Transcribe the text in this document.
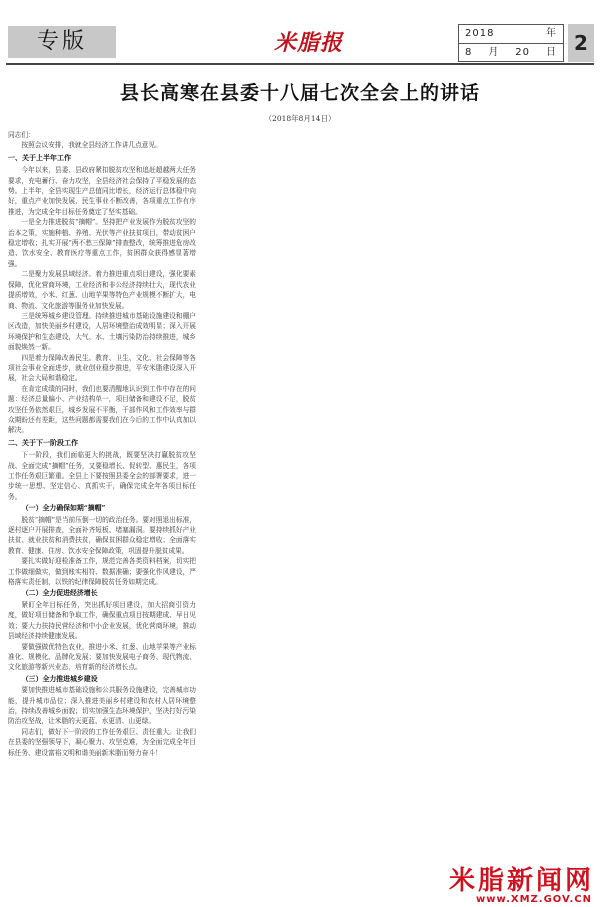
专版	米脂报	2018	年
8 月 20 日 2
县长高寒在县委十八届七次全会上的讲话
（2018年8月14日）

同志们：

按照会议安排，我就全县经济工作讲几点意见。

一、关于上半年工作

今年以来，县委、县政府紧扣脱贫攻坚和追赶超越两大任务要求，充电蓄行、奋力攻坚，全县经济社会保持了平稳发展的态势。上半年，全县实现生产总值同比增长，经济运行总体稳中向好，重点产业加快发展，民生事业不断改善，各项重点工作有序推进，为完成全年目标任务奠定了坚实基础。

一是全力推进脱贫“摘帽”。坚持把产业发展作为脱贫攻坚的治本之策，实施种植、养殖、光伏等产业扶贫项目，带动贫困户稳定增收；扎实开展“两不愁三保障”排查整改，统筹推进危房改造、饮水安全、教育医疗等重点工作，贫困群众获得感显著增强。

二是聚力发展县域经济。着力推进重点项目建设，强化要素保障，优化营商环境，工业经济和非公经济持续壮大，现代农业提质增效，小米、红葱、山地苹果等特色产业规模不断扩大，电商、物流、文化旅游等服务业加快发展。

三是统筹城乡建设管理。持续推进城市基础设施建设和棚户区改造，加快美丽乡村建设，人居环境整治成效明显；深入开展环境保护和生态建设，大气、水、土壤污染防治持续推进，城乡面貌焕然一新。

四是着力保障改善民生。教育、卫生、文化、社会保障等各项社会事业全面进步，就业创业稳步推进，平安米脂建设深入开展，社会大局和谐稳定。

在肯定成绩的同时，我们也要清醒地认识到工作中存在的问题：经济总量偏小、产业结构单一，项目储备和建设不足，脱贫攻坚任务依然艰巨，城乡发展不平衡，干部作风和工作效率与群众期盼还有差距，这些问题都需要我们在今后的工作中认真加以解决。

二、关于下一阶段工作

下一阶段，我们面临更大的挑战，既要坚决打赢脱贫攻坚战、全面完成“摘帽”任务，又要稳增长、促转型、惠民生，各项工作任务艰巨繁重。全县上下要按照县委全会的部署要求，进一步统一思想、坚定信心、真抓实干，确保完成全年各项目标任务。

（一）全力确保如期“摘帽”

脱贫“摘帽”是当前压倒一切的政治任务。要对照退出标准，逐村逐户开展排查，全面补齐短板、堵塞漏洞。要持续抓好产业扶贫、就业扶贫和消费扶贫，确保贫困群众稳定增收；全面落实教育、健康、住房、饮水安全保障政策，巩固提升脱贫成果。

要扎实做好迎检准备工作，规范完善各类资料档案，切实把工作做细做实，做到账实相符、数据准确；要强化作风建设，严格落实责任制，以铁的纪律保障脱贫任务如期完成。

（二）全力促进经济增长

紧盯全年目标任务，突出抓好项目建设，加大招商引资力度，做好项目储备和争取工作，确保重点项目按期建成、早日见效；要大力扶持民营经济和中小企业发展，优化营商环境，推动县域经济持续健康发展。

要做强做优特色农业，推进小米、红葱、山地苹果等产业标准化、规模化、品牌化发展；要加快发展电子商务、现代物流、文化旅游等新兴业态，培育新的经济增长点。

（三）全力推进城乡建设

要加快推进城市基础设施和公共服务设施建设，完善城市功能，提升城市品位；深入推进美丽乡村建设和农村人居环境整治，持续改善城乡面貌；切实加强生态环境保护，坚决打好污染防治攻坚战，让米脂的天更蓝、水更清、山更绿。

同志们，做好下一阶段的工作任务艰巨、责任重大。让我们在县委的坚强领导下，凝心聚力、攻坚克难，为全面完成全年目标任务、建设富裕文明和谐美丽新米脂而努力奋斗！

米脂新闻网
www.XMZ.GOV.CN
